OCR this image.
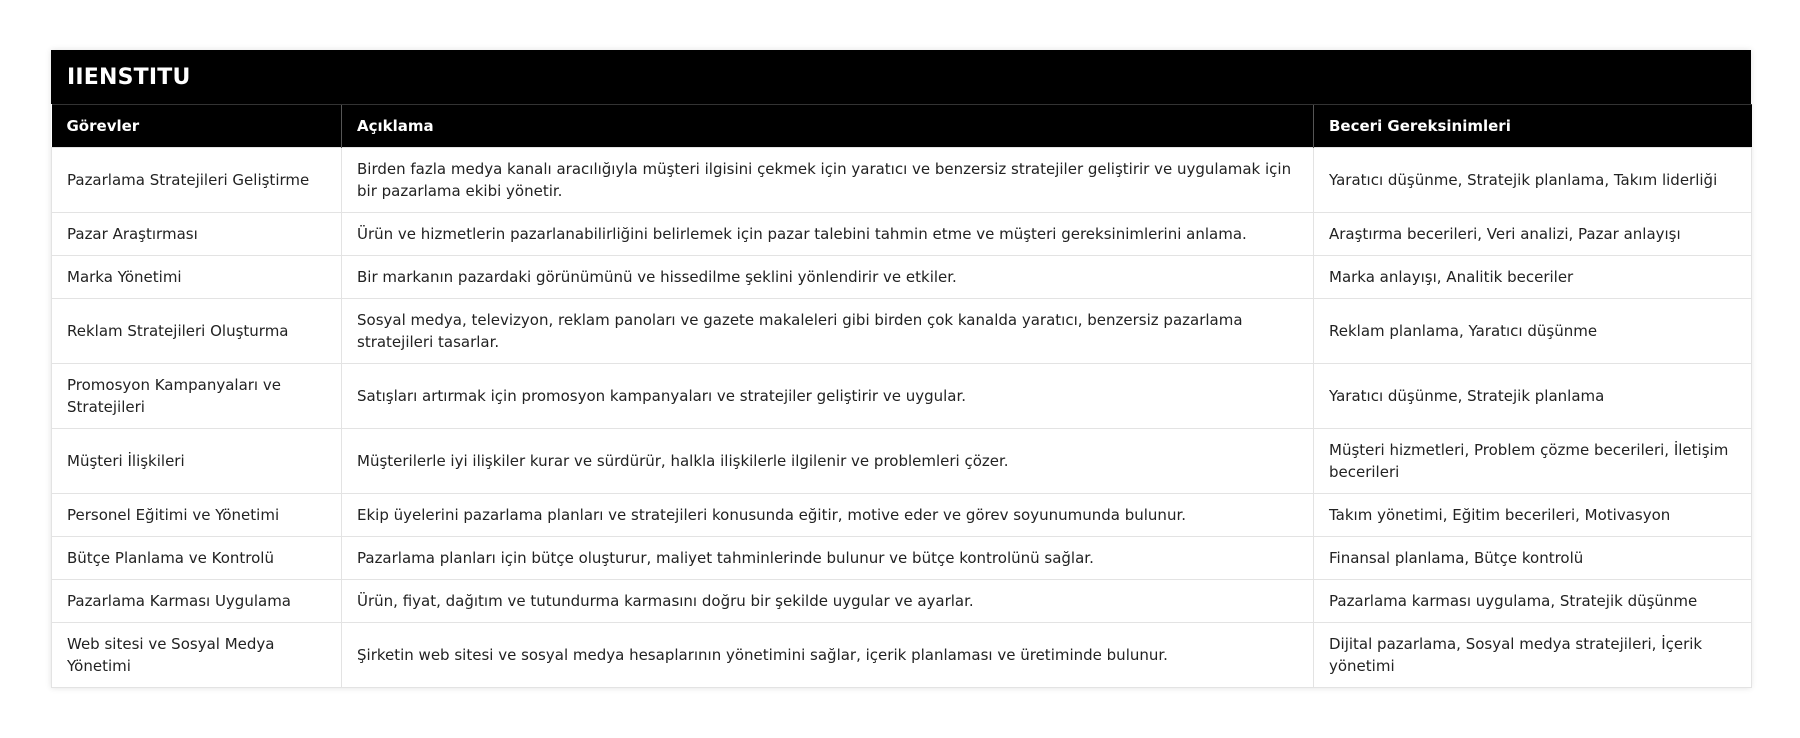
IIENSTITU
Görevler	Açıklama	Beceri Gereksinimleri
Pazarlama Stratejileri Geliştirme	Birden fazla medya kanalı aracılığıyla müşteri ilgisini çekmek için yaratıcı ve benzersiz stratejiler geliştirir ve uygulamak için bir pazarlama ekibi yönetir.	Yaratıcı düşünme, Stratejik planlama, Takım liderliği
Pazar Araştırması	Ürün ve hizmetlerin pazarlanabilirliğini belirlemek için pazar talebini tahmin etme ve müşteri gereksinimlerini anlama.	Araştırma becerileri, Veri analizi, Pazar anlayışı
Marka Yönetimi	Bir markanın pazardaki görünümünü ve hissedilme şeklini yönlendirir ve etkiler.	Marka anlayışı, Analitik beceriler
Reklam Stratejileri Oluşturma	Sosyal medya, televizyon, reklam panoları ve gazete makaleleri gibi birden çok kanalda yaratıcı, benzersiz pazarlama stratejileri tasarlar.	Reklam planlama, Yaratıcı düşünme
Promosyon Kampanyaları ve Stratejileri	Satışları artırmak için promosyon kampanyaları ve stratejiler geliştirir ve uygular.	Yaratıcı düşünme, Stratejik planlama
Müşteri İlişkileri	Müşterilerle iyi ilişkiler kurar ve sürdürür, halkla ilişkilerle ilgilenir ve problemleri çözer.	Müşteri hizmetleri, Problem çözme becerileri, İletişim becerileri
Personel Eğitimi ve Yönetimi	Ekip üyelerini pazarlama planları ve stratejileri konusunda eğitir, motive eder ve görev soyunumunda bulunur.	Takım yönetimi, Eğitim becerileri, Motivasyon
Bütçe Planlama ve Kontrolü	Pazarlama planları için bütçe oluşturur, maliyet tahminlerinde bulunur ve bütçe kontrolünü sağlar.	Finansal planlama, Bütçe kontrolü
Pazarlama Karması Uygulama	Ürün, fiyat, dağıtım ve tutundurma karmasını doğru bir şekilde uygular ve ayarlar.	Pazarlama karması uygulama, Stratejik düşünme
Web sitesi ve Sosyal Medya Yönetimi	Şirketin web sitesi ve sosyal medya hesaplarının yönetimini sağlar, içerik planlaması ve üretiminde bulunur.	Dijital pazarlama, Sosyal medya stratejileri, İçerik yönetimi
